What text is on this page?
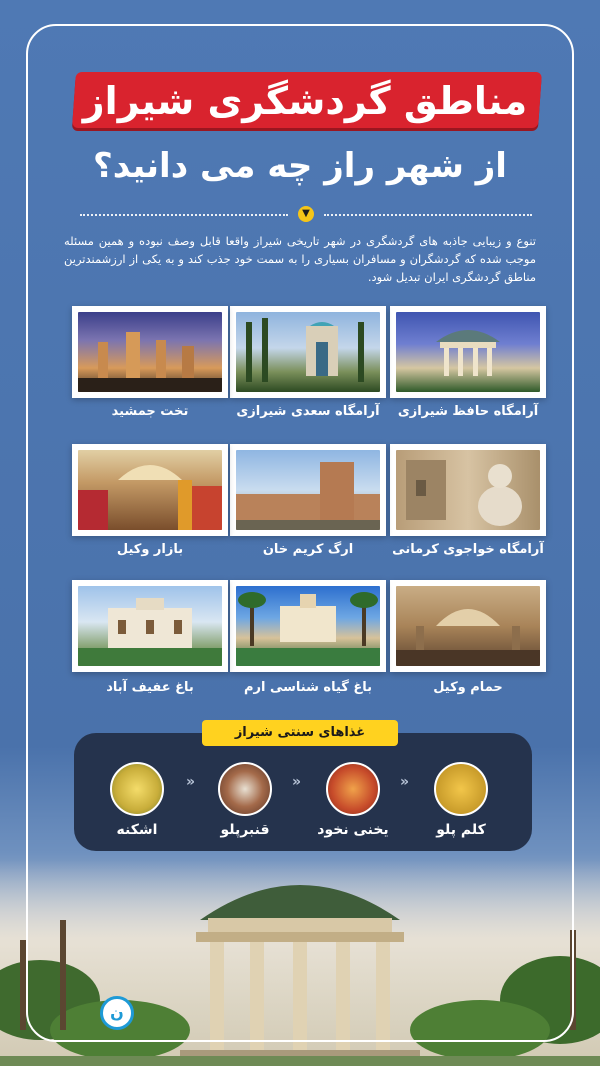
مناطق گردشگری شیراز
از شهر راز چه می دانید؟
▼
تنوع و زیبایی جاذبه های گردشگری در شهر تاریخی شیراز واقعا قابل وصف نبوده و همین مسئله موجب شده که گردشگران و مسافران بسیاری را به سمت خود جذب کند و به یکی از ارزشمندترین مناطق گردشگری ایران تبدیل شود.
آرامگاه حافظ شیرازی
آرامگاه سعدی شیرازی
تخت جمشید
آرامگاه خواجوی کرمانی
ارگ کریم خان
بازار وکیل
حمام وکیل
باغ گیاه شناسی ارم
باغ عفیف آباد
غذاهای سنتی شیراز
کلم پلو
«
یخنی نخود
«
قنبرپلو
«
اشکنه
ن
